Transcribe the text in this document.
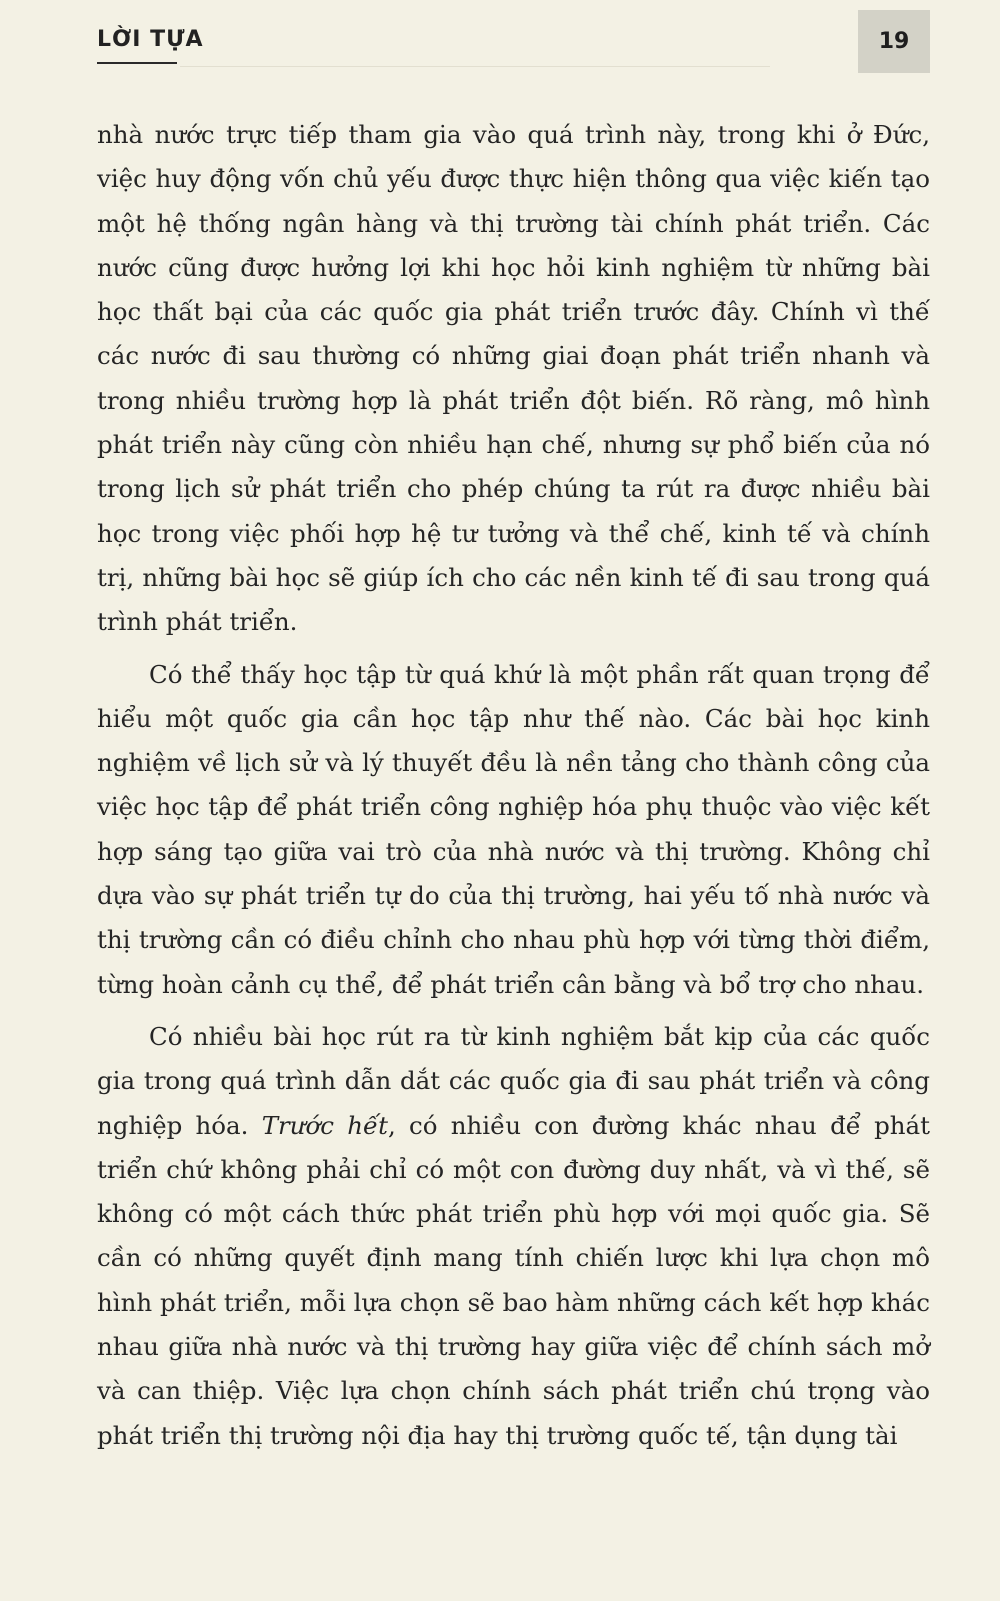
LỜI TỰA	19

nhà nước trực tiếp tham gia vào quá trình này, trong khi ở Đức, việc huy động vốn chủ yếu được thực hiện thông qua việc kiến tạo một hệ thống ngân hàng và thị trường tài chính phát triển. Các nước cũng được hưởng lợi khi học hỏi kinh nghiệm từ những bài học thất bại của các quốc gia phát triển trước đây. Chính vì thế các nước đi sau thường có những giai đoạn phát triển nhanh và trong nhiều trường hợp là phát triển đột biến. Rõ ràng, mô hình phát triển này cũng còn nhiều hạn chế, nhưng sự phổ biến của nó trong lịch sử phát triển cho phép chúng ta rút ra được nhiều bài học trong việc phối hợp hệ tư tưởng và thể chế, kinh tế và chính trị, những bài học sẽ giúp ích cho các nền kinh tế đi sau trong quá trình phát triển.

Có thể thấy học tập từ quá khứ là một phần rất quan trọng để hiểu một quốc gia cần học tập như thế nào. Các bài học kinh nghiệm về lịch sử và lý thuyết đều là nền tảng cho thành công của việc học tập để phát triển công nghiệp hóa phụ thuộc vào việc kết hợp sáng tạo giữa vai trò của nhà nước và thị trường. Không chỉ dựa vào sự phát triển tự do của thị trường, hai yếu tố nhà nước và thị trường cần có điều chỉnh cho nhau phù hợp với từng thời điểm, từng hoàn cảnh cụ thể, để phát triển cân bằng và bổ trợ cho nhau.

Có nhiều bài học rút ra từ kinh nghiệm bắt kịp của các quốc gia trong quá trình dẫn dắt các quốc gia đi sau phát triển và công nghiệp hóa. Trước hết, có nhiều con đường khác nhau để phát triển chứ không phải chỉ có một con đường duy nhất, và vì thế, sẽ không có một cách thức phát triển phù hợp với mọi quốc gia. Sẽ cần có những quyết định mang tính chiến lược khi lựa chọn mô hình phát triển, mỗi lựa chọn sẽ bao hàm những cách kết hợp khác nhau giữa nhà nước và thị trường hay giữa việc để chính sách mở và can thiệp. Việc lựa chọn chính sách phát triển chú trọng vào phát triển thị trường nội địa hay thị trường quốc tế, tận dụng tài
